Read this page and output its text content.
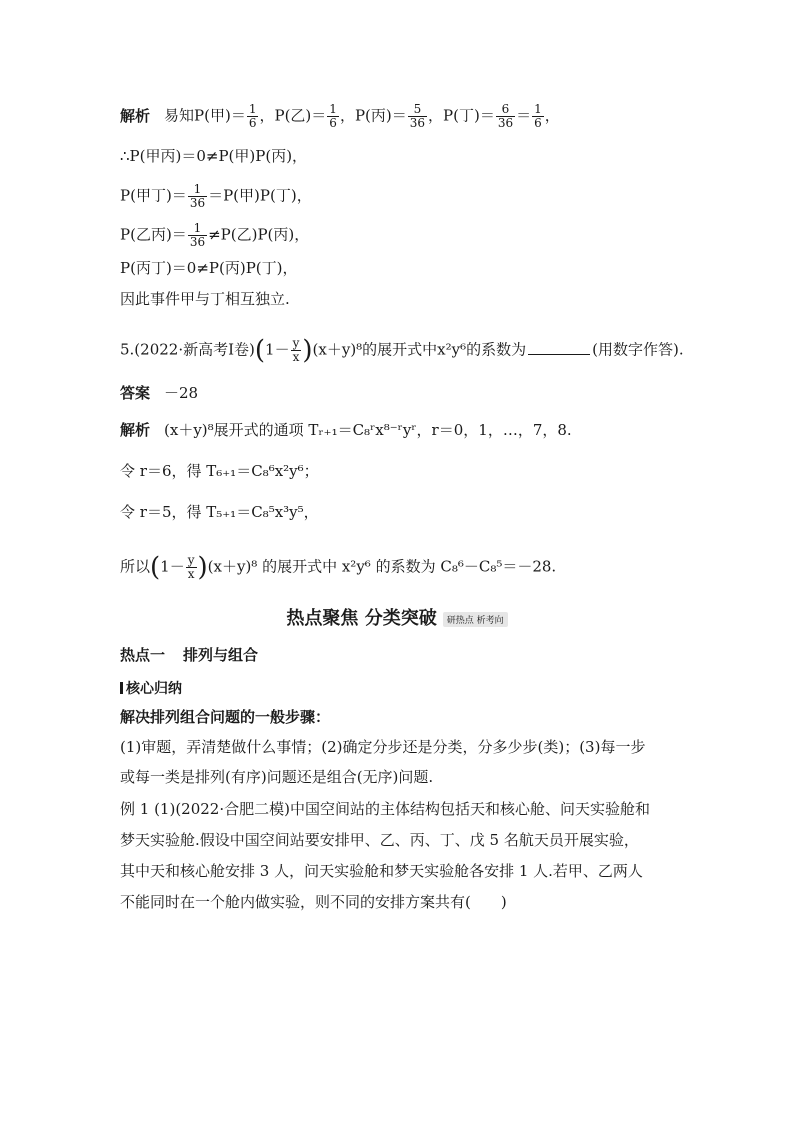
解析 易知P(甲)＝ $\frac{1}{6}$ ，P(乙)＝ $\frac{1}{6}$ ，P(丙)＝ $\frac{5}{36}$ ，P(丁)＝ $\frac{6}{36} = \frac{1}{6}$ ，
∴P(甲丙)＝0≠P(甲)P(丙)，
P(甲丁)＝ $\frac{1}{36} =P$(甲)P(丁)，
P(乙丙)＝ $\frac{1}{36} \ne P$(乙)P(丙)，
P(丙丁)＝0≠P(丙)P(丁)，
因此事件甲与丁相互独立.
5.(2022·新高考Ⅰ卷)$(1- \frac{y}{x} )(x+y)^8$的展开式中x²y⁶的系数为	(用数字作答).
答案 －28
解析 (x＋y)⁸展开式的通项 Tᵣ₊₁＝C₈ʳx⁸⁻ʳyʳ，r＝0，1，…，7，8.
令 r＝6，得 T₆₊₁＝C₈⁶x²y⁶；
令 r＝5，得 T₅₊₁＝C₈⁵x³y⁵，
所以$(1- \frac{y}{x} )(x+y)^8$ 的展开式中 x²y⁶ 的系数为 C₈⁶－C₈⁵＝－28.
热点聚焦 分类突破 研热点 析考向
热点一 排列与组合
核心归纳
解决排列组合问题的一般步骤：
(1)审题，弄清楚做什么事情；(2)确定分步还是分类，分多少步(类)；(3)每一步
或每一类是排列(有序)问题还是组合(无序)问题.
例 1 (1)(2022·合肥二模)中国空间站的主体结构包括天和核心舱、问天实验舱和
梦天实验舱.假设中国空间站要安排甲、乙、丙、丁、戊 5 名航天员开展实验，
其中天和核心舱安排 3 人，问天实验舱和梦天实验舱各安排 1 人.若甲、乙两人
不能同时在一个舱内做实验，则不同的安排方案共有(　　)
